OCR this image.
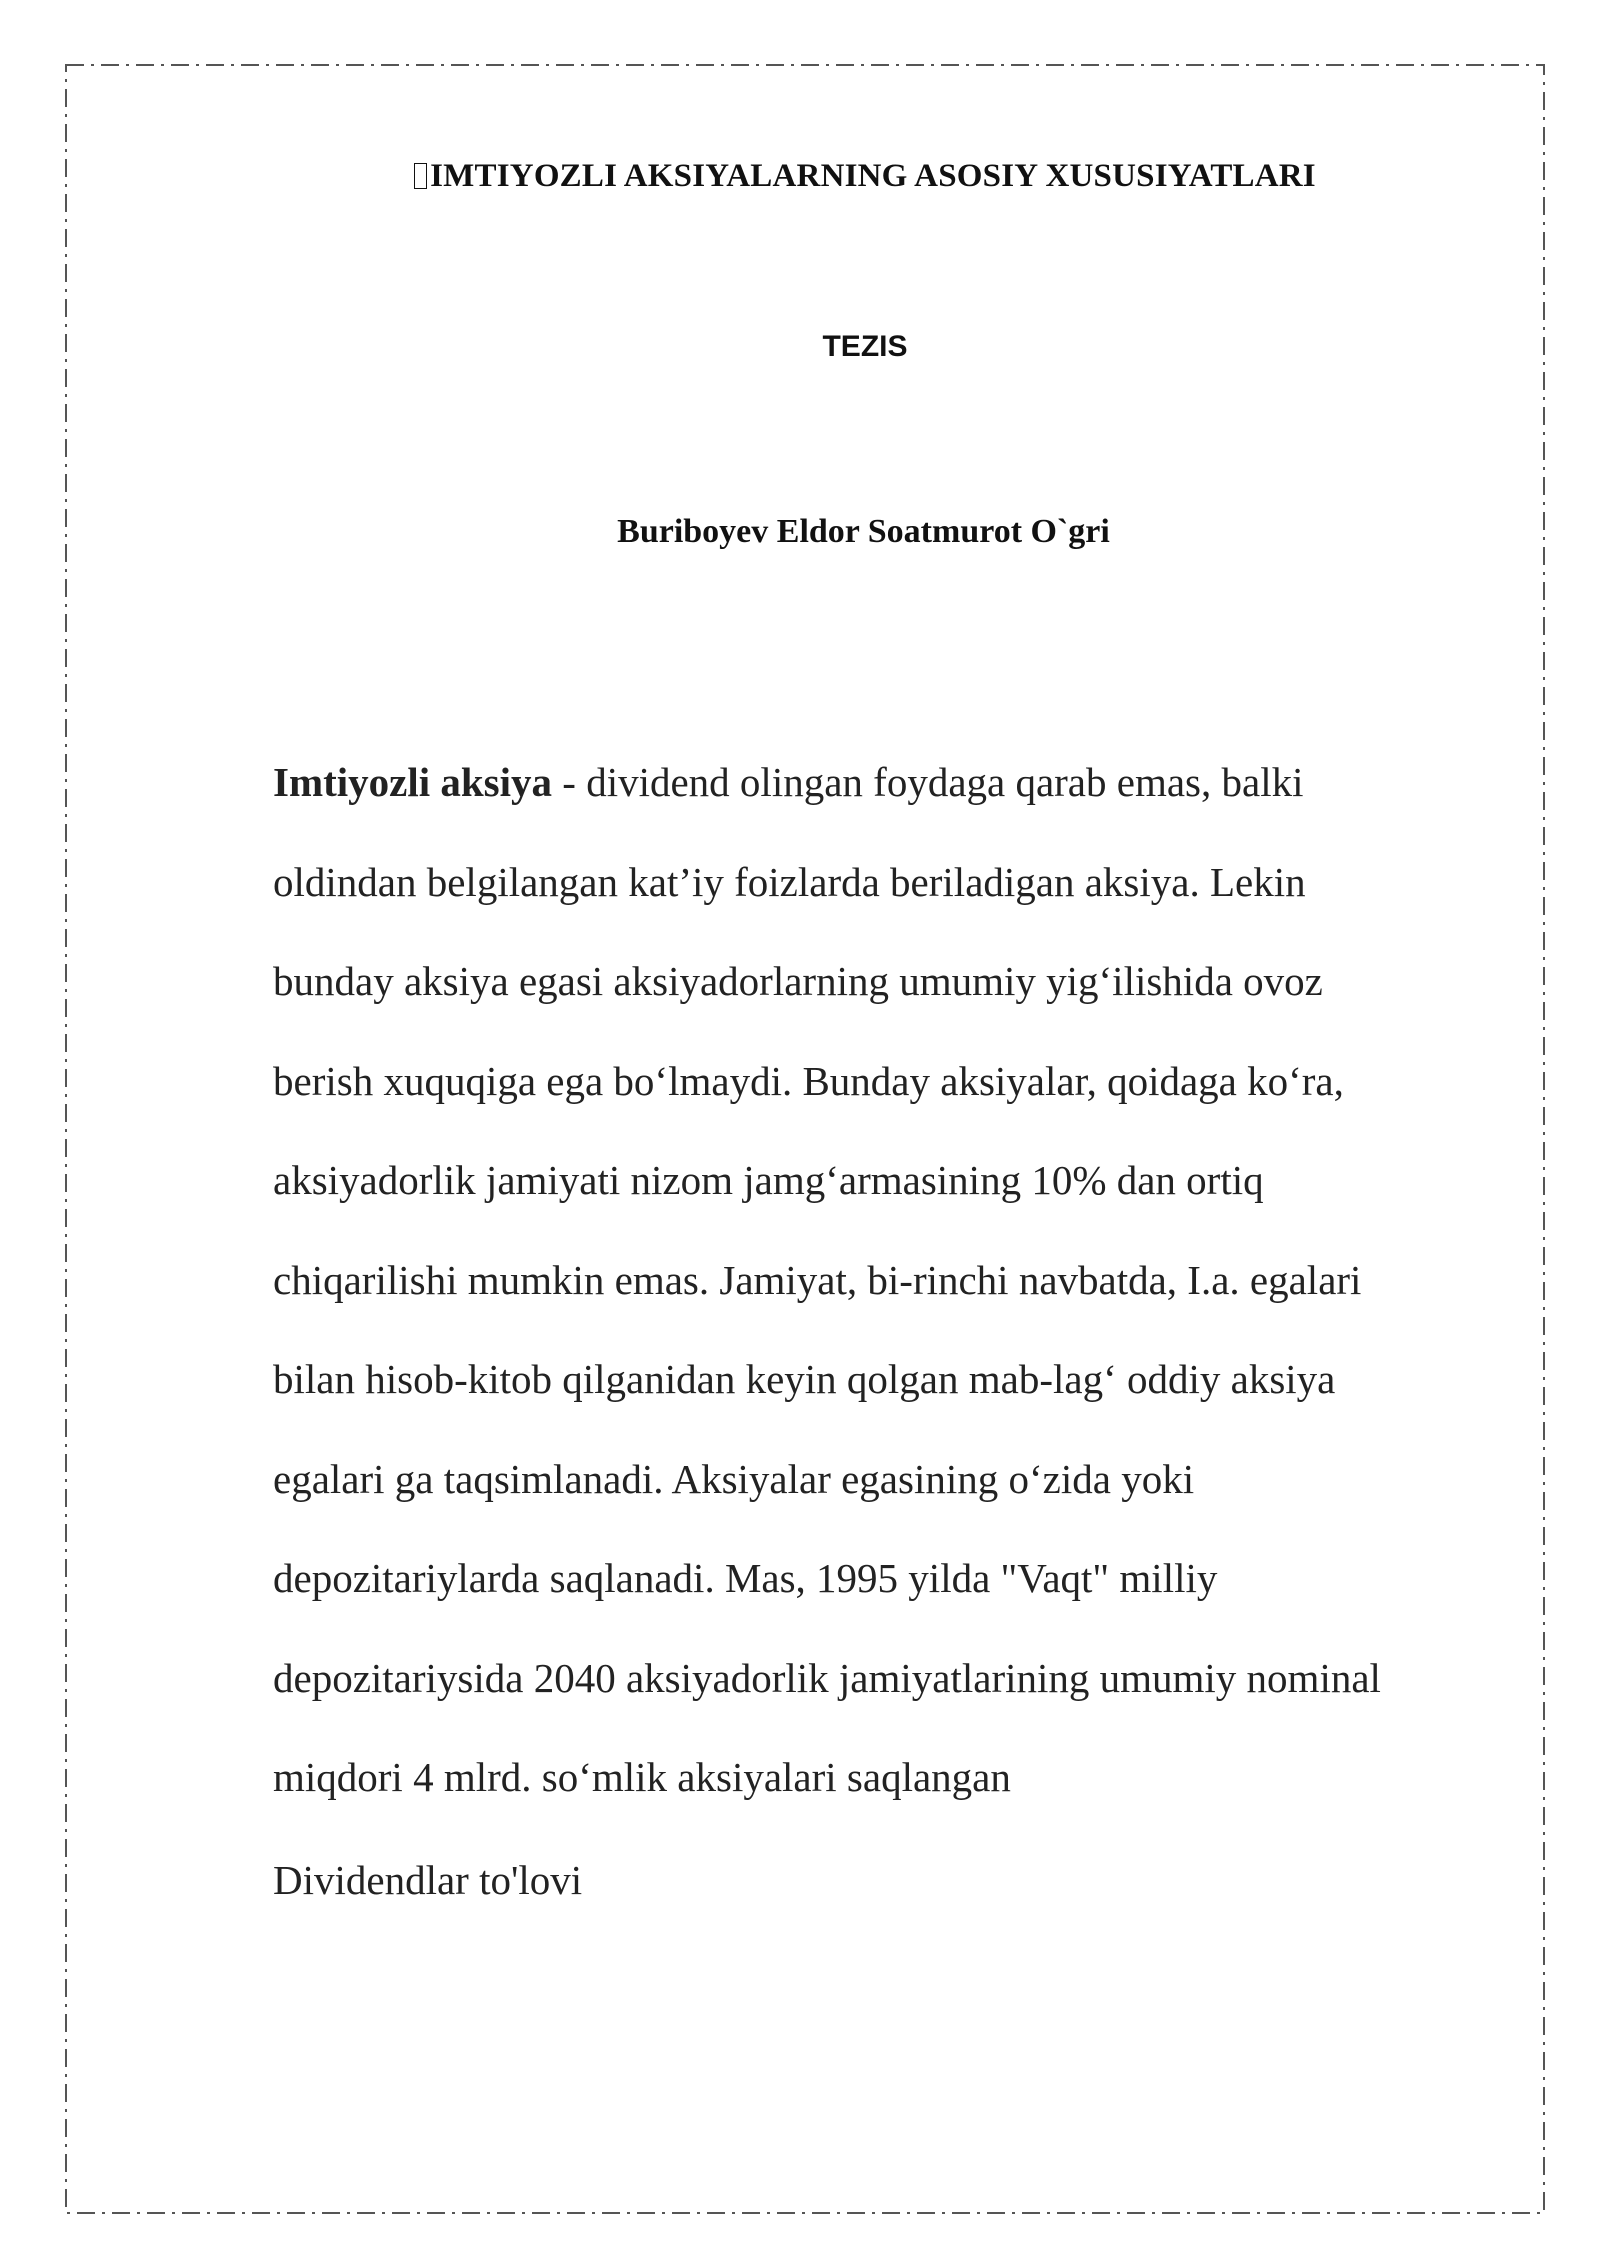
IMTIYOZLI AKSIYALARNING ASOSIY XUSUSIYATLARI
TEZIS
Buriboyev Eldor Soatmurot O`gri

Imtiyozli aksiya - dividend olingan foydaga qarab emas, balki
oldindan belgilangan kat’iy foizlarda beriladigan aksiya. Lekin
bunday aksiya egasi aksiyadorlarning umumiy yig‘ilishida ovoz
berish xuquqiga ega bo‘lmaydi. Bunday aksiyalar, qoidaga ko‘ra,
aksiyadorlik jamiyati nizom jamg‘armasining 10% dan ortiq
chiqarilishi mumkin emas. Jamiyat, bi-rinchi navbatda, I.a. egalari
bilan hisob-kitob qilganidan keyin qolgan mab-lag‘ oddiy aksiya
egalari ga taqsimlanadi. Aksiyalar egasining o‘zida yoki
depozitariylarda saqlanadi. Mas, 1995 yilda "Vaqt" milliy
depozitariysida 2040 aksiyadorlik jamiyatlarining umumiy nominal
miqdori 4 mlrd. so‘mlik aksiyalari saqlangan

Dividendlar to'lovi
